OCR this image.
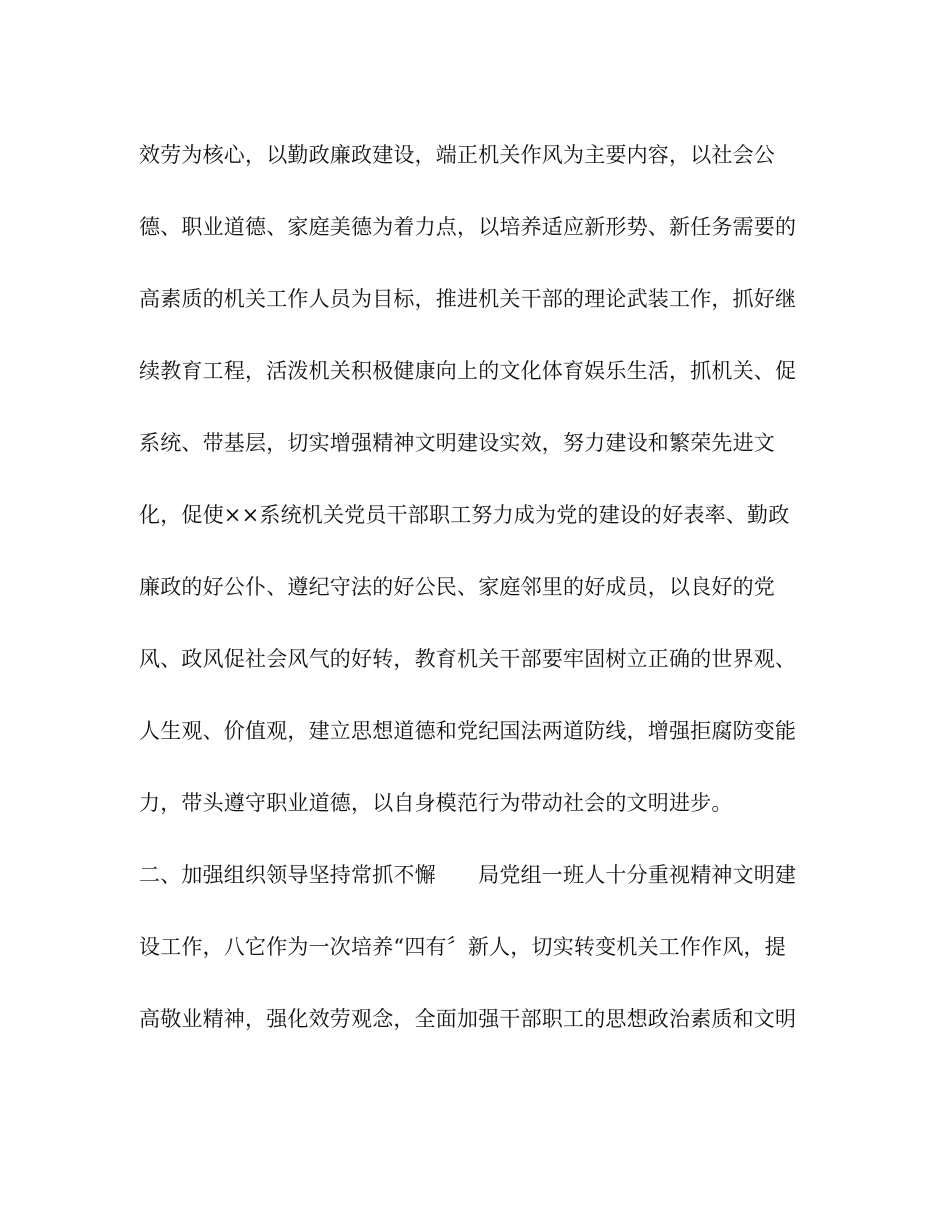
效劳为核心，以勤政廉政建设，端正机关作风为主要内容，以社会公
德、职业道德、家庭美德为着力点，以培养适应新形势、新任务需要的
高素质的机关工作人员为目标，推进机关干部的理论武装工作，抓好继
续教育工程，活泼机关积极健康向上的文化体育娱乐生活，抓机关、促
系统、带基层，切实增强精神文明建设实效，努力建设和繁荣先进文
化，促使××系统机关党员干部职工努力成为党的建设的好表率、勤政
廉政的好公仆、遵纪守法的好公民、家庭邻里的好成员，以良好的党
风、政风促社会风气的好转，教育机关干部要牢固树立正确的世界观、
人生观、价值观，建立思想道德和党纪国法两道防线，增强拒腐防变能
力，带头遵守职业道德，以自身模范行为带动社会的文明进步。
二、加强组织领导坚持常抓不懈　　局党组一班人十分重视精神文明建
设工作，八它作为一次培养“四有〞新人，切实转变机关工作作风，提
高敬业精神，强化效劳观念，全面加强干部职工的思想政治素质和文明
